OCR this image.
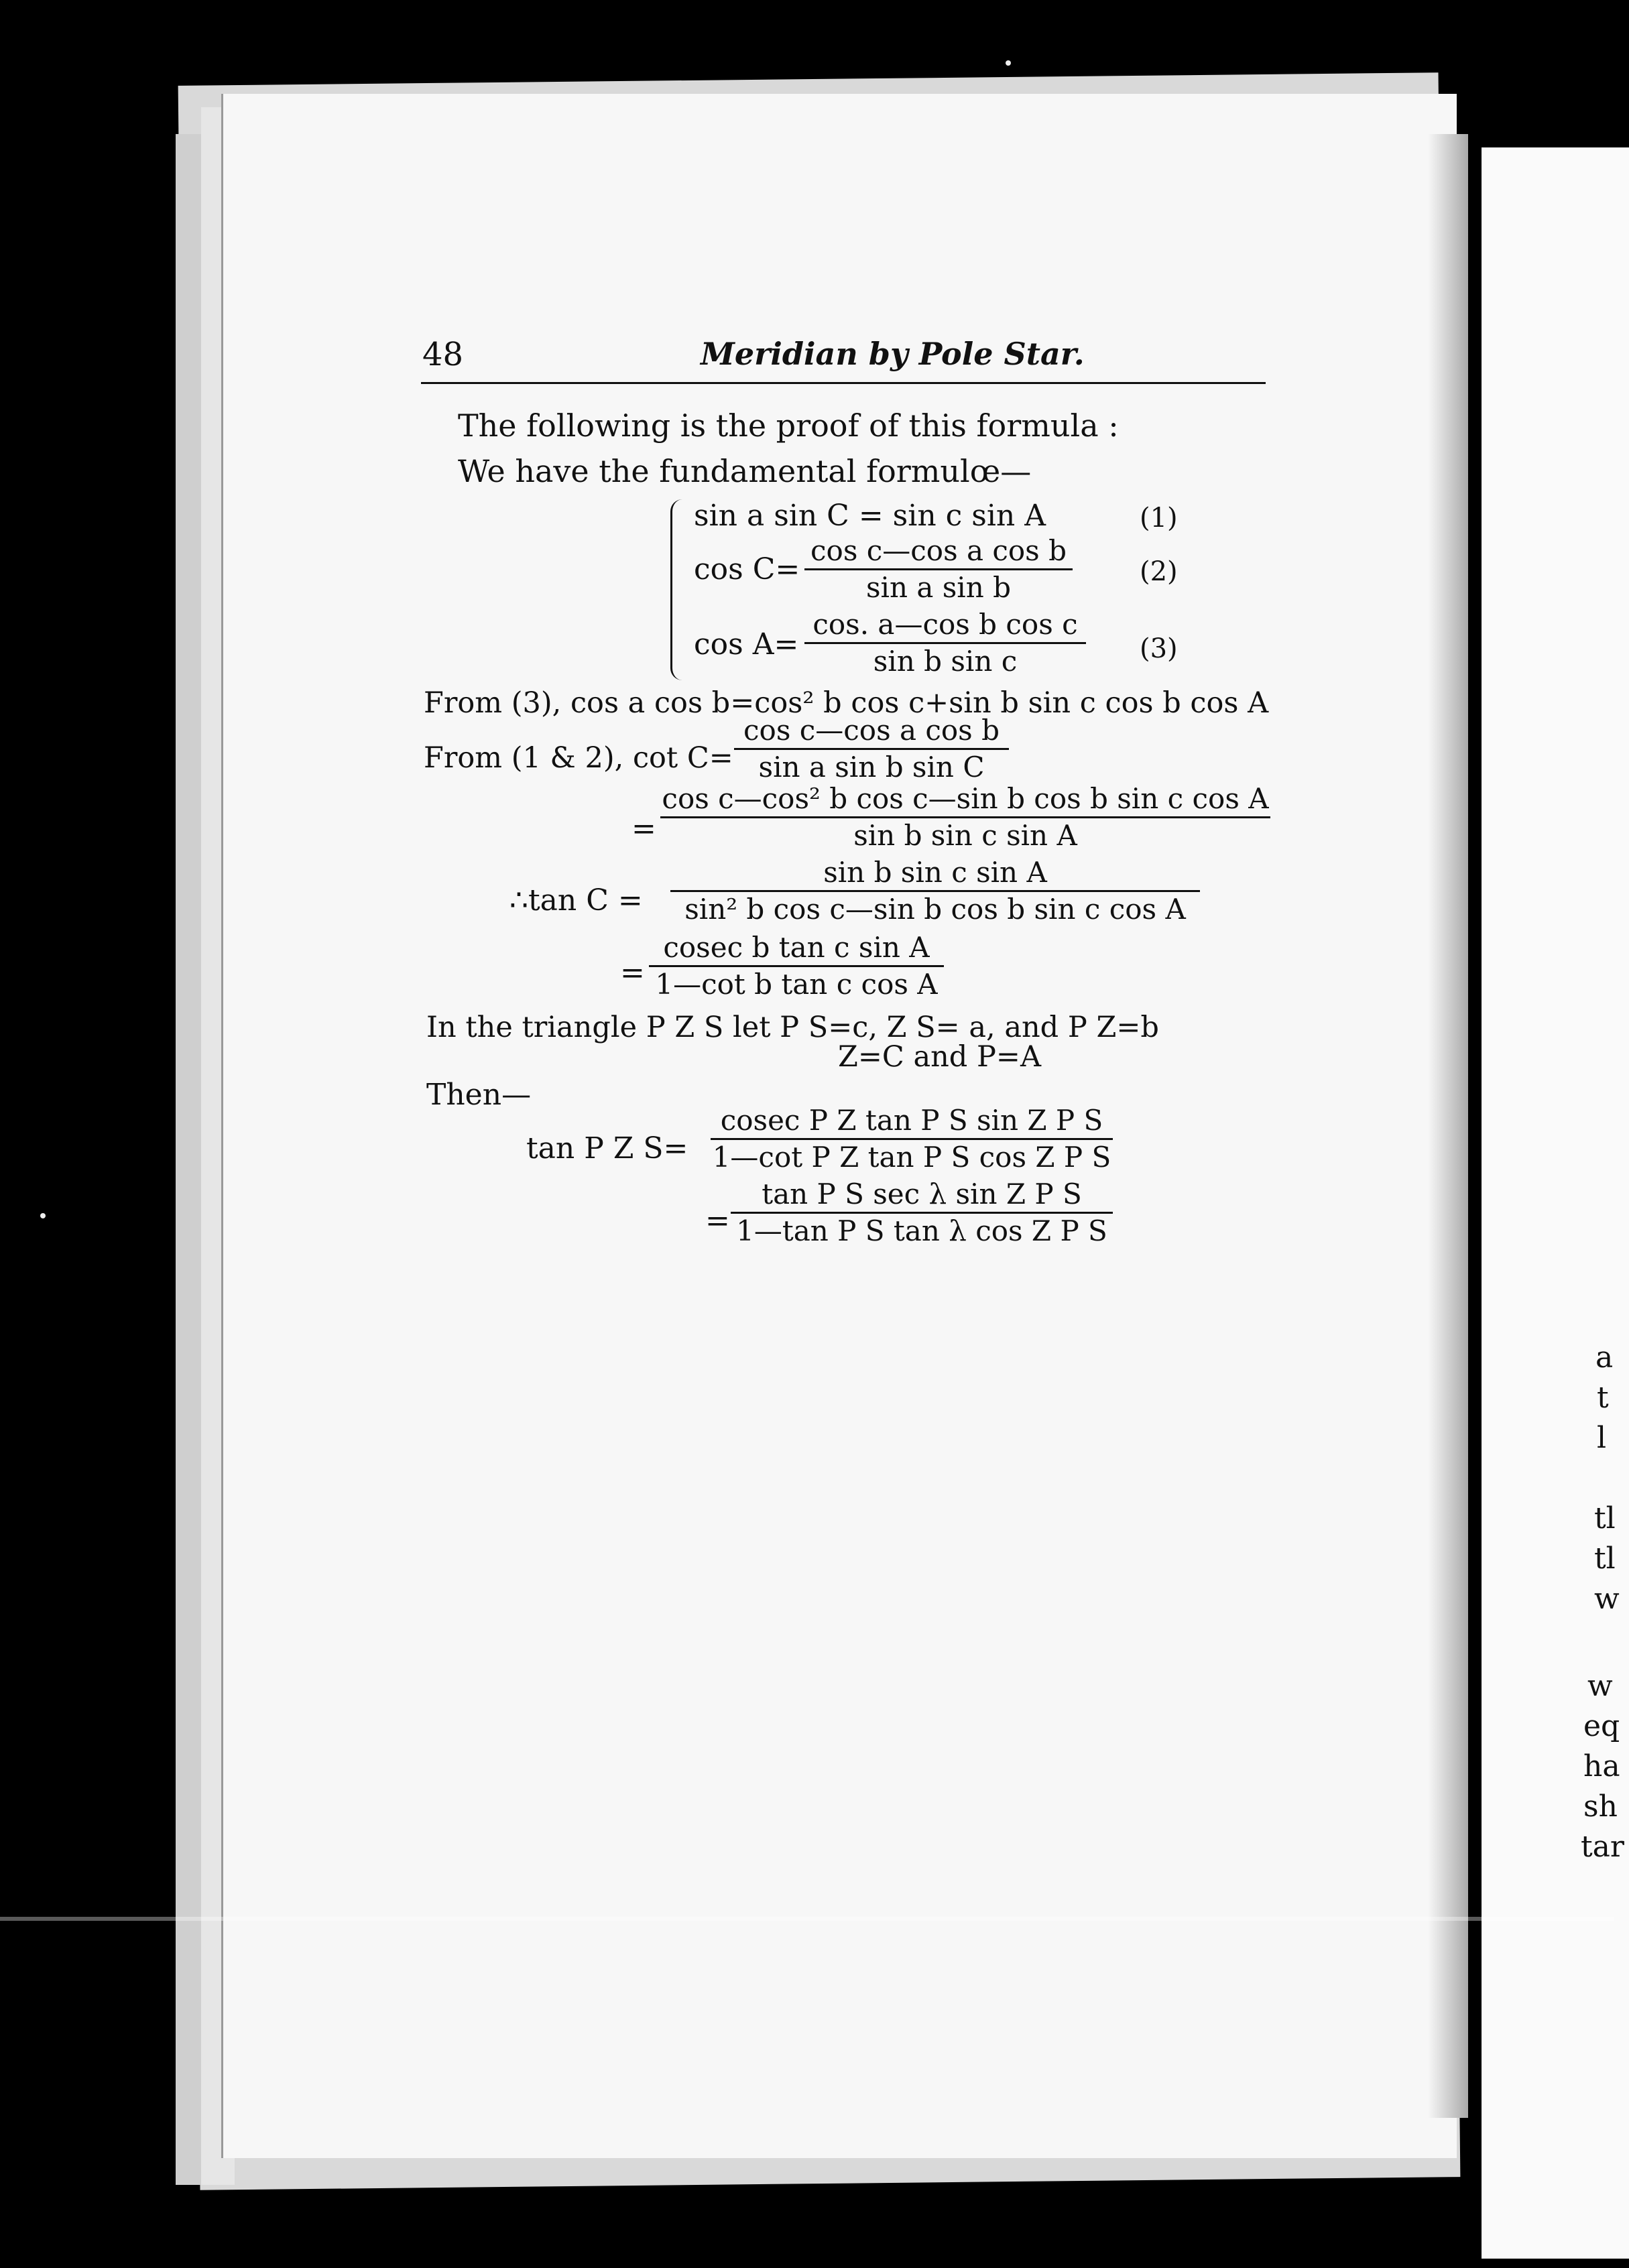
a
t
l
tl
tl
w
w
eq
ha
sh
tar
48	Meridian by Pole Star.
The following is the proof of this formula :
We have the fundamental formulœ—
sin a sin C = sin c sin A	(1)
cos C=
cos c—cos a cos b
sin a sin b	(2)
cos A=
cos. a—cos b cos c
sin b sin c	(3)
From (3), cos a cos b=cos² b cos c+sin b sin c cos b cos A
From (1 & 2), cot C=
cos c—cos a cos b
sin a sin b sin C
=
cos c—cos² b cos c—sin b cos b sin c cos A
sin b sin c sin A
∴tan C =
sin b sin c sin A
sin² b cos c—sin b cos b sin c cos A
=
cosec b tan c sin A
1—cot b tan c cos A
In the triangle P Z S let P S=c, Z S= a, and P Z=b
Z=C and P=A
Then—
tan P Z S=
cosec P Z tan P S sin Z P S
1—cot P Z tan P S cos Z P S
=
tan P S sec λ sin Z P S
1—tan P S tan λ cos Z P S
